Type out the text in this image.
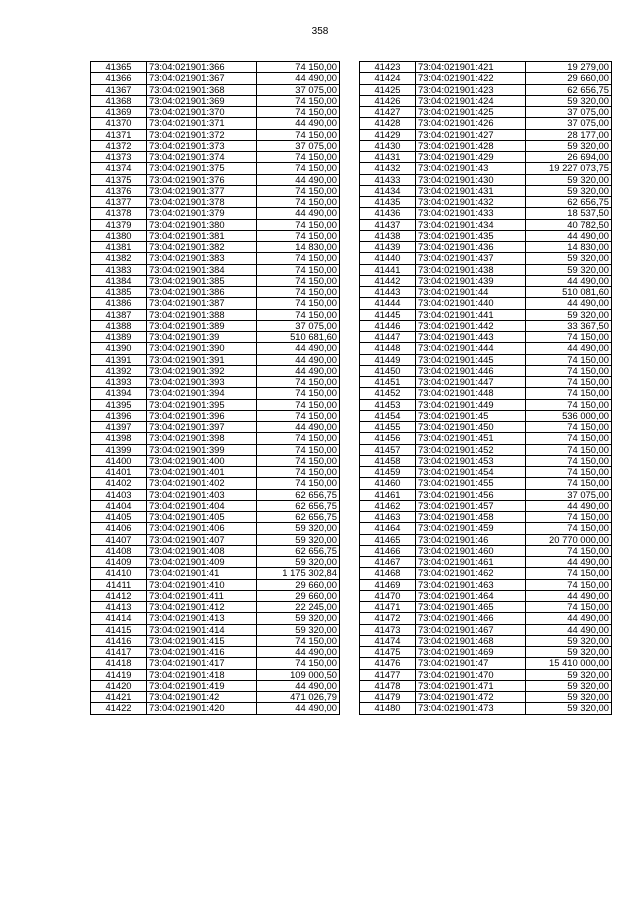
358
41365	73:04:021901:366	74 150,00
41366	73:04:021901:367	44 490,00
41367	73:04:021901:368	37 075,00
41368	73:04:021901:369	74 150,00
41369	73:04:021901:370	74 150,00
41370	73:04:021901:371	44 490,00
41371	73:04:021901:372	74 150,00
41372	73:04:021901:373	37 075,00
41373	73:04:021901:374	74 150,00
41374	73:04:021901:375	74 150,00
41375	73:04:021901:376	44 490,00
41376	73:04:021901:377	74 150,00
41377	73:04:021901:378	74 150,00
41378	73:04:021901:379	44 490,00
41379	73:04:021901:380	74 150,00
41380	73:04:021901:381	74 150,00
41381	73:04:021901:382	14 830,00
41382	73:04:021901:383	74 150,00
41383	73:04:021901:384	74 150,00
41384	73:04:021901:385	74 150,00
41385	73:04:021901:386	74 150,00
41386	73:04:021901:387	74 150,00
41387	73:04:021901:388	74 150,00
41388	73:04:021901:389	37 075,00
41389	73:04:021901:39	510 681,60
41390	73:04:021901:390	44 490,00
41391	73:04:021901:391	44 490,00
41392	73:04:021901:392	44 490,00
41393	73:04:021901:393	74 150,00
41394	73:04:021901:394	74 150,00
41395	73:04:021901:395	74 150,00
41396	73:04:021901:396	74 150,00
41397	73:04:021901:397	44 490,00
41398	73:04:021901:398	74 150,00
41399	73:04:021901:399	74 150,00
41400	73:04:021901:400	74 150,00
41401	73:04:021901:401	74 150,00
41402	73:04:021901:402	74 150,00
41403	73:04:021901:403	62 656,75
41404	73:04:021901:404	62 656,75
41405	73:04:021901:405	62 656,75
41406	73:04:021901:406	59 320,00
41407	73:04:021901:407	59 320,00
41408	73:04:021901:408	62 656,75
41409	73:04:021901:409	59 320,00
41410	73:04:021901:41	1 175 302,84
41411	73:04:021901:410	29 660,00
41412	73:04:021901:411	29 660,00
41413	73:04:021901:412	22 245,00
41414	73:04:021901:413	59 320,00
41415	73:04:021901:414	59 320,00
41416	73:04:021901:415	74 150,00
41417	73:04:021901:416	44 490,00
41418	73:04:021901:417	74 150,00
41419	73:04:021901:418	109 000,50
41420	73:04:021901:419	44 490,00
41421	73:04:021901:42	471 026,79
41422	73:04:021901:420	44 490,00
41423	73:04:021901:421	19 279,00
41424	73:04:021901:422	29 660,00
41425	73:04:021901:423	62 656,75
41426	73:04:021901:424	59 320,00
41427	73:04:021901:425	37 075,00
41428	73:04:021901:426	37 075,00
41429	73:04:021901:427	28 177,00
41430	73:04:021901:428	59 320,00
41431	73:04:021901:429	26 694,00
41432	73:04:021901:43	19 227 073,75
41433	73:04:021901:430	59 320,00
41434	73:04:021901:431	59 320,00
41435	73:04:021901:432	62 656,75
41436	73:04:021901:433	18 537,50
41437	73:04:021901:434	40 782,50
41438	73:04:021901:435	44 490,00
41439	73:04:021901:436	14 830,00
41440	73:04:021901:437	59 320,00
41441	73:04:021901:438	59 320,00
41442	73:04:021901:439	44 490,00
41443	73:04:021901:44	510 081,60
41444	73:04:021901:440	44 490,00
41445	73:04:021901:441	59 320,00
41446	73:04:021901:442	33 367,50
41447	73:04:021901:443	74 150,00
41448	73:04:021901:444	44 490,00
41449	73:04:021901:445	74 150,00
41450	73:04:021901:446	74 150,00
41451	73:04:021901:447	74 150,00
41452	73:04:021901:448	74 150,00
41453	73:04:021901:449	74 150,00
41454	73:04:021901:45	536 000,00
41455	73:04:021901:450	74 150,00
41456	73:04:021901:451	74 150,00
41457	73:04:021901:452	74 150,00
41458	73:04:021901:453	74 150,00
41459	73:04:021901:454	74 150,00
41460	73:04:021901:455	74 150,00
41461	73:04:021901:456	37 075,00
41462	73:04:021901:457	44 490,00
41463	73:04:021901:458	74 150,00
41464	73:04:021901:459	74 150,00
41465	73:04:021901:46	20 770 000,00
41466	73:04:021901:460	74 150,00
41467	73:04:021901:461	44 490,00
41468	73:04:021901:462	74 150,00
41469	73:04:021901:463	74 150,00
41470	73:04:021901:464	44 490,00
41471	73:04:021901:465	74 150,00
41472	73:04:021901:466	44 490,00
41473	73:04:021901:467	44 490,00
41474	73:04:021901:468	59 320,00
41475	73:04:021901:469	59 320,00
41476	73:04:021901:47	15 410 000,00
41477	73:04:021901:470	59 320,00
41478	73:04:021901:471	59 320,00
41479	73:04:021901:472	59 320,00
41480	73:04:021901:473	59 320,00
